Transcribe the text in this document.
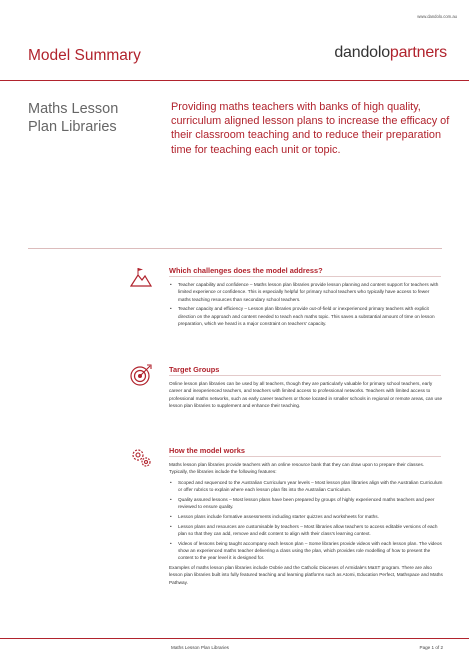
www.dandolo.com.au
Model Summary	dandolopartners
Maths Lesson Plan Libraries
Providing maths teachers with banks of high quality, curriculum aligned lesson plans to increase the efficacy of their classroom teaching and to reduce their preparation time for teaching each unit or topic.
Which challenges does the model address?
• Teacher capability and confidence – Maths lesson plan libraries provide lesson planning and content support for teachers with limited experience or confidence. This is especially helpful for primary school teachers who typically have access to fewer maths teaching resources than secondary school teachers.
• Teacher capacity and efficiency – Lesson plan libraries provide out-of-field or inexperienced primary teachers with explicit direction on the approach and content needed to teach each maths topic. This saves a substantial amount of time on lesson preparation, which we heard is a major constraint on teachers' capacity.
Target Groups

Online lesson plan libraries can be used by all teachers, though they are particularly valuable for primary school teachers, early career and inexperienced teachers, and teachers with limited access to professional networks. Teachers with limited access to professional maths networks, such as early career teachers or those located in smaller schools in regional or remote areas, can use lesson plan libraries to supplement and enhance their teaching.

How the model works

Maths lesson plan libraries provide teachers with an online resource bank that they can draw upon to prepare their classes. Typically, the libraries include the following features:

• Scoped and sequenced to the Australian Curriculum year levels – Most lesson plan libraries align with the Australian Curriculum or offer rubrics to explain where each lesson plan fits into the Australian Curriculum.
• Quality assured lessons – Most lesson plans have been prepared by groups of highly experienced maths teachers and peer reviewed to ensure quality.
• Lesson plans include formative assessments including starter quizzes and worksheets for maths.
• Lesson plans and resources are customisable by teachers – Most libraries allow teachers to access editable versions of each plan so that they can add, remove and edit content to align with their class's learning context.
• Videos of lessons being taught accompany each lesson plan – Some libraries provide videos with each lesson plan. The videos show an experienced maths teacher delivering a class using the plan, which provides role modelling of how to present the content to the year level it is designed for.

Examples of maths lesson plan libraries include Oxbrie and the Catholic Dioceses of Armidale's MaST program. There are also lesson plan libraries built into fully featured teaching and learning platforms such as Atomi, Education Perfect, Mathspace and Maths Pathway.

Maths Lesson Plan Libraries	Page 1 of 2
